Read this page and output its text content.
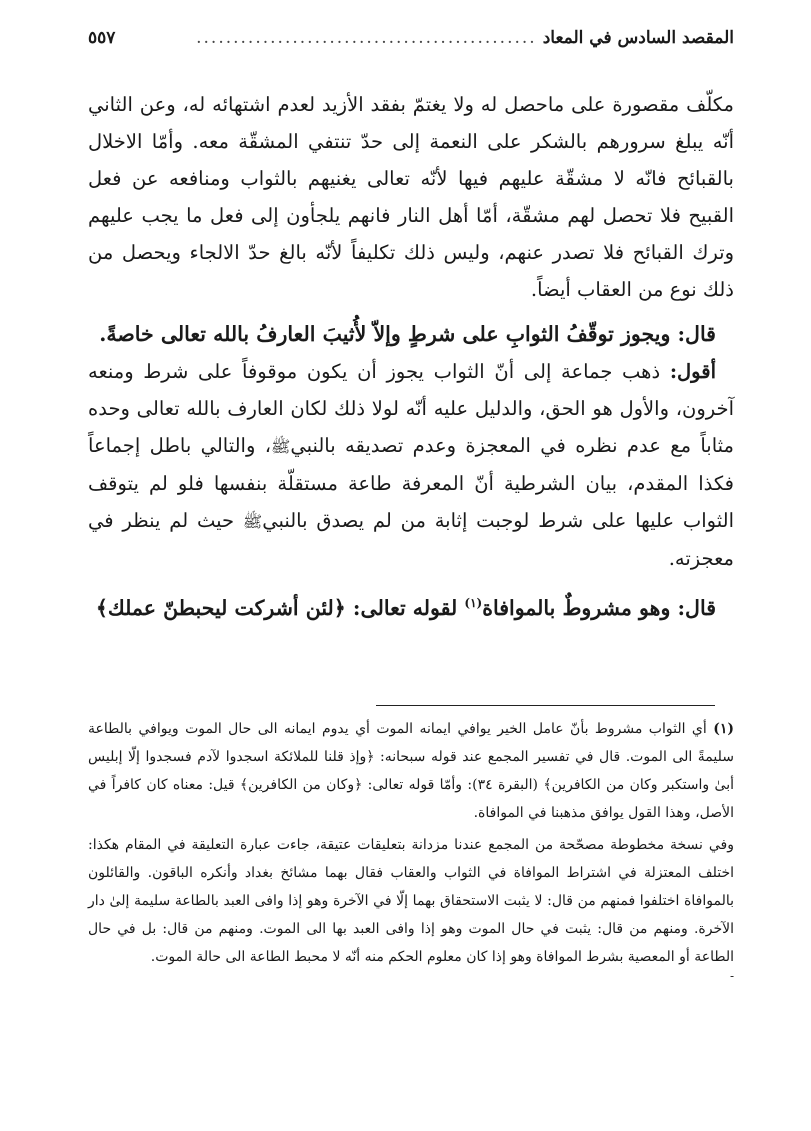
المقصد السادس في المعاد
..............................................
٥٥٧

مكلّف مقصورة على ماحصل له ولا يغتمّ بفقد الأزيد لعدم اشتهائه له، وعن الثاني أنّه يبلغ سرورهم بالشكر على النعمة إلى حدّ تنتفي المشقّة معه. وأمّا الاخلال بالقبائح فانّه لا مشقّة عليهم فيها لأنّه تعالى يغنيهم بالثواب ومنافعه عن فعل القبيح فلا تحصل لهم مشقّة، أمّا أهل النار فانهم يلجأون إلى فعل ما يجب عليهم وترك القبائح فلا تصدر عنهم، وليس ذلك تكليفاً لأنّه بالغ حدّ الالجاء ويحصل من ذلك نوع من العقاب أيضاً.

قال: ويجوز توقّفُ الثوابِ على شرطٍ وإلاّ لأُثيبَ العارفُ بالله تعالى خاصةً.

أقول: ذهب جماعة إلى أنّ الثواب يجوز أن يكون موقوفاً على شرط ومنعه آخرون، والأول هو الحق، والدليل عليه أنّه لولا ذلك لكان العارف بالله تعالى وحده مثاباً مع عدم نظره في المعجزة وعدم تصديقه بالنبيﷺ، والتالي باطل إجماعاً فكذا المقدم، بيان الشرطية أنّ المعرفة طاعة مستقلّة بنفسها فلو لم يتوقف الثواب عليها على شرط لوجبت إثابة من لم يصدق بالنبيﷺ حيث لم ينظر في معجزته.

قال: وهو مشروطٌ بالموافاة$^{(١)}$ لقوله تعالى: ﴿لئن أشركت ليحبطنّ عملك﴾

(١) أي الثواب مشروط بأنّ عامل الخير يوافي ايمانه الموت أي يدوم ايمانه الى حال الموت ويوافي بالطاعة سليمةً الى الموت. قال في تفسير المجمع عند قوله سبحانه: ﴿وإذ قلنا للملائكة اسجدوا لآدم فسجدوا إلّا إبليس أبىٰ واستكبر وكان من الكافرين﴾ (البقرة ٣٤): وأمّا قوله تعالى: ﴿وكان من الكافرين﴾ قيل: معناه كان كافراً في الأصل، وهذا القول يوافق مذهبنا في الموافاة.

وفي نسخة مخطوطة مصحّحة من المجمع عندنا مزدانة بتعليقات عتيقة، جاءت عبارة التعليقة في المقام هكذا: اختلف المعتزلة في اشتراط الموافاة في الثواب والعقاب فقال بهما مشائخ بغداد وأنكره الباقون. والقائلون بالموافاة اختلفوا فمنهم من قال: لا يثبت الاستحقاق بهما إلّا في الآخرة وهو إذا وافى العبد بالطاعة سليمة إلىٰ دار الآخرة. ومنهم من قال: يثبت في حال الموت وهو إذا وافى العبد بها الى الموت. ومنهم من قال: بل في حال الطاعة أو المعصية بشرط الموافاة وهو إذا كان معلوم الحكم منه أنّه لا محبط الطاعة الى حالة الموت.

-
